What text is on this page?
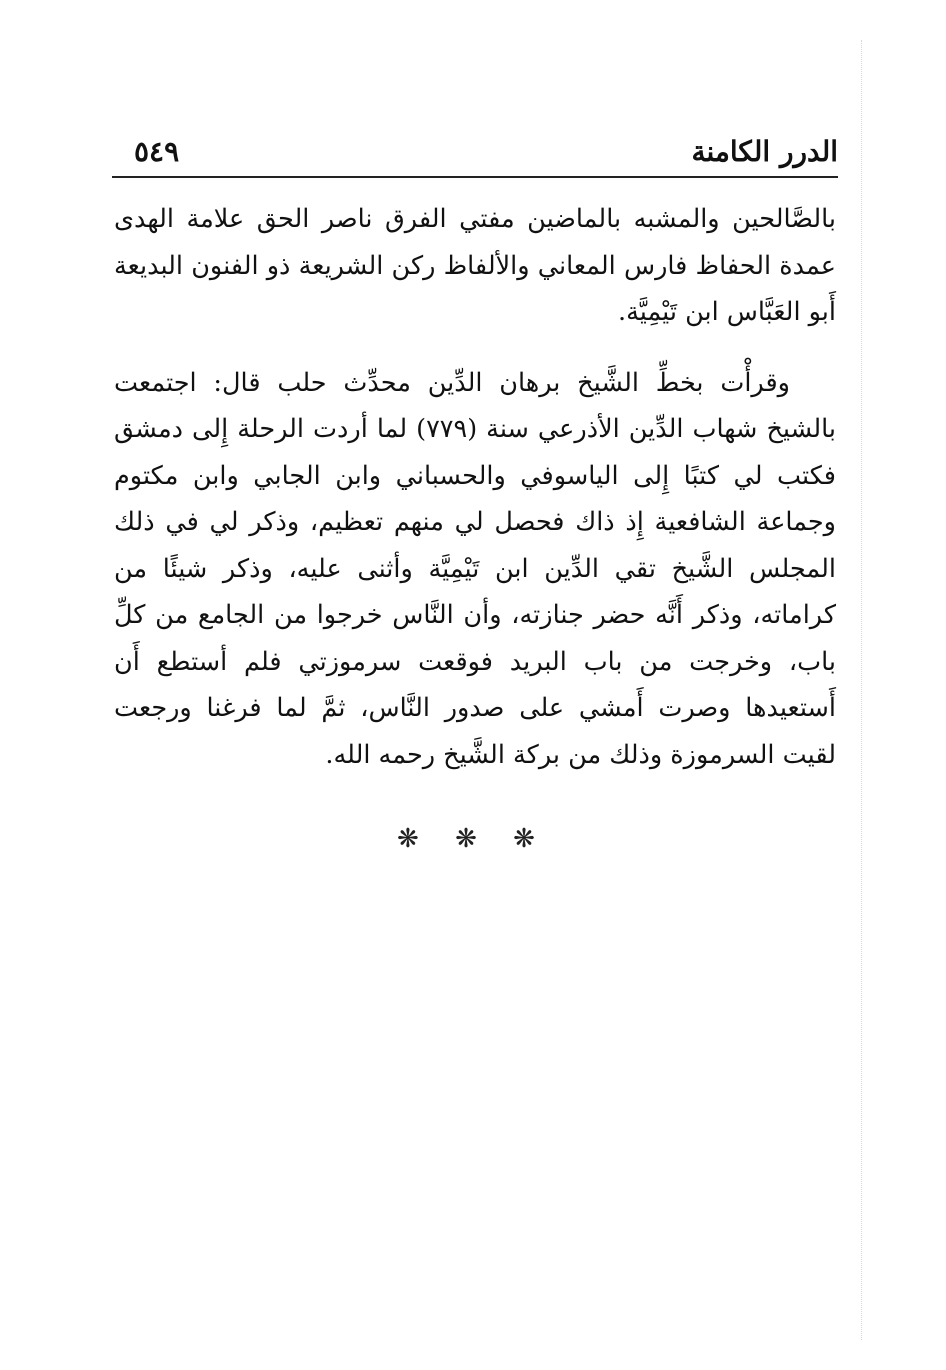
الدرر الكامنة
٥٤٩

بالصَّالحين والمشبه بالماضين مفتي الفرق ناصر الحق علامة الهدى عمدة الحفاظ فارس المعاني والألفاظ ركن الشريعة ذو الفنون البديعة أَبو العَبَّاس ابن تَيْمِيَّة.

وقرأْت بخطِّ الشَّيخ برهان الدِّين محدِّث حلب قال: اجتمعت بالشيخ شهاب الدِّين الأذرعي سنة (٧٧٩) لما أردت الرحلة إِلى دمشق فكتب لي كتبًا إِلى الياسوفي والحسباني وابن الجابي وابن مكتوم وجماعة الشافعية إِذ ذاك فحصل لي منهم تعظيم، وذكر لي في ذلك المجلس الشَّيخ تقي الدِّين ابن تَيْمِيَّة وأثنى عليه، وذكر شيئًا من كراماته، وذكر أَنَّه حضر جنازته، وأن النَّاس خرجوا من الجامع من كلِّ باب، وخرجت من باب البريد فوقعت سرموزتي فلم أستطع أَن أَستعيدها وصرت أَمشي على صدور النَّاس، ثمَّ لما فرغنا ورجعت لقيت السرموزة وذلك من بركة الشَّيخ رحمه الله.

❋ ❋ ❋
